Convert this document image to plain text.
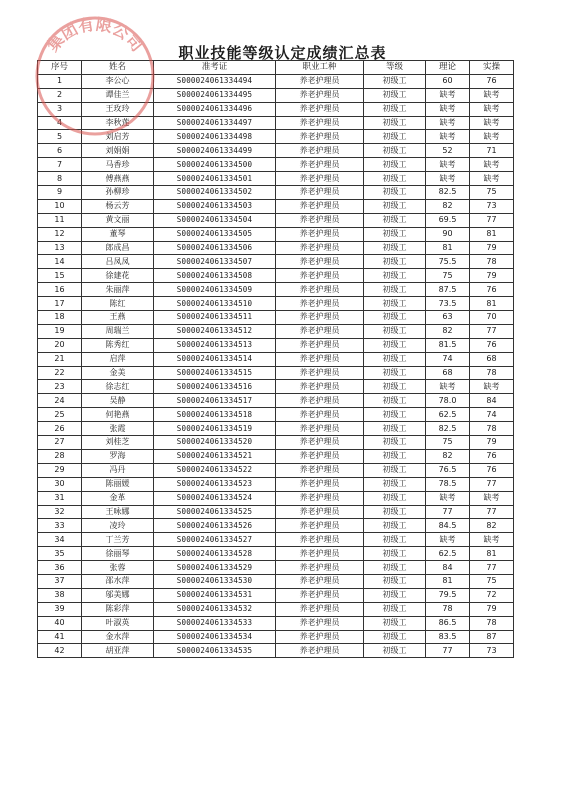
职业技能等级认定成绩汇总表
序号	姓名	准考证	职业工种	等级	理论	实操
1	李公心	S000024061334494	养老护理员	初级工	60	76
2	谭佳兰	S000024061334495	养老护理员	初级工	缺考	缺考
3	王玫玲	S000024061334496	养老护理员	初级工	缺考	缺考
4	李秋莲	S000024061334497	养老护理员	初级工	缺考	缺考
5	刘启芳	S000024061334498	养老护理员	初级工	缺考	缺考
6	刘娟娟	S000024061334499	养老护理员	初级工	52	71
7	马香珍	S000024061334500	养老护理员	初级工	缺考	缺考
8	傅燕燕	S000024061334501	养老护理员	初级工	缺考	缺考
9	孙柳珍	S000024061334502	养老护理员	初级工	82.5	75
10	杨云芳	S000024061334503	养老护理员	初级工	82	73
11	黄文丽	S000024061334504	养老护理员	初级工	69.5	77
12	董琴	S000024061334505	养老护理员	初级工	90	81
13	郎成昌	S000024061334506	养老护理员	初级工	81	79
14	吕凤凤	S000024061334507	养老护理员	初级工	75.5	78
15	徐建花	S000024061334508	养老护理员	初级工	75	79
16	朱丽萍	S000024061334509	养老护理员	初级工	87.5	76
17	陈红	S000024061334510	养老护理员	初级工	73.5	81
18	王燕	S000024061334511	养老护理员	初级工	63	70
19	周瑞兰	S000024061334512	养老护理员	初级工	82	77
20	陈秀红	S000024061334513	养老护理员	初级工	81.5	76
21	启萍	S000024061334514	养老护理员	初级工	74	68
22	金美	S000024061334515	养老护理员	初级工	68	78
23	徐志红	S000024061334516	养老护理员	初级工	缺考	缺考
24	吴静	S000024061334517	养老护理员	初级工	78.0	84
25	何艳燕	S000024061334518	养老护理员	初级工	62.5	74
26	张霞	S000024061334519	养老护理员	初级工	82.5	78
27	刘桂芝	S000024061334520	养老护理员	初级工	75	79
28	罗海	S000024061334521	养老护理员	初级工	82	76
29	冯丹	S000024061334522	养老护理员	初级工	76.5	76
30	陈丽媛	S000024061334523	养老护理员	初级工	78.5	77
31	金革	S000024061334524	养老护理员	初级工	缺考	缺考
32	王咏娜	S000024061334525	养老护理员	初级工	77	77
33	凌玲	S000024061334526	养老护理员	初级工	84.5	82
34	丁兰芳	S000024061334527	养老护理员	初级工	缺考	缺考
35	徐丽琴	S000024061334528	养老护理员	初级工	62.5	81
36	张蓉	S000024061334529	养老护理员	初级工	84	77
37	邵水萍	S000024061334530	养老护理员	初级工	81	75
38	邬美娜	S000024061334531	养老护理员	初级工	79.5	72
39	陈彩萍	S000024061334532	养老护理员	初级工	78	79
40	叶淑英	S000024061334533	养老护理员	初级工	86.5	78
41	金水萍	S000024061334534	养老护理员	初级工	83.5	87
42	胡亚萍	S000024061334535	养老护理员	初级工	77	73
集团有限公司
